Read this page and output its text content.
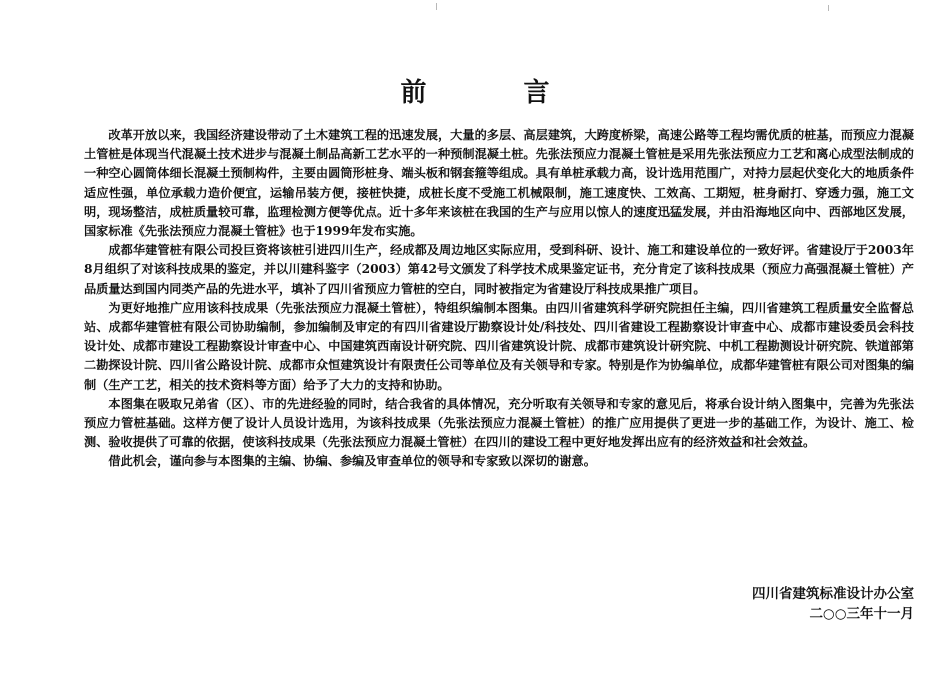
前 言

改革开放以来，我国经济建设带动了土木建筑工程的迅速发展，大量的多层、高层建筑，大跨度桥梁，高速公路等工程均需优质的桩基，而预应力混凝土管桩是体现当代混凝土技术进步与混凝土制品高新工艺水平的一种预制混凝土桩。先张法预应力混凝土管桩是采用先张法预应力工艺和离心成型法制成的一种空心圆筒体细长混凝土预制构件，主要由圆筒形桩身、端头板和钢套箍等组成。具有单桩承载力高，设计选用范围广，对持力层起伏变化大的地质条件适应性强，单位承载力造价便宜，运输吊装方便，接桩快捷，成桩长度不受施工机械限制，施工速度快、工效高、工期短，桩身耐打、穿透力强，施工文明，现场整洁，成桩质量较可靠，监理检测方便等优点。近十多年来该桩在我国的生产与应用以惊人的速度迅猛发展，并由沿海地区向中、西部地区发展，国家标准《先张法预应力混凝土管桩》也于1999年发布实施。

成都华建管桩有限公司投巨资将该桩引进四川生产，经成都及周边地区实际应用，受到科研、设计、施工和建设单位的一致好评。省建设厅于2003年8月组织了对该科技成果的鉴定，并以川建科鉴字（2003）第42号文颁发了科学技术成果鉴定证书，充分肯定了该科技成果（预应力高强混凝土管桩）产品质量达到国内同类产品的先进水平，填补了四川省预应力管桩的空白，同时被指定为省建设厅科技成果推广项目。

为更好地推广应用该科技成果（先张法预应力混凝土管桩），特组织编制本图集。由四川省建筑科学研究院担任主编，四川省建筑工程质量安全监督总站、成都华建管桩有限公司协助编制，参加编制及审定的有四川省建设厅勘察设计处/科技处、四川省建设工程勘察设计审查中心、成都市建设委员会科技设计处、成都市建设工程勘察设计审查中心、中国建筑西南设计研究院、四川省建筑设计院、成都市建筑设计研究院、中机工程勘测设计研究院、铁道部第二勘探设计院、四川省公路设计院、成都市众恒建筑设计有限责任公司等单位及有关领导和专家。特别是作为协编单位，成都华建管桩有限公司对图集的编制（生产工艺，相关的技术资料等方面）给予了大力的支持和协助。

本图集在吸取兄弟省（区）、市的先进经验的同时，结合我省的具体情况，充分听取有关领导和专家的意见后，将承台设计纳入图集中，完善为先张法预应力管桩基础。这样方便了设计人员设计选用，为该科技成果（先张法预应力混凝土管桩）的推广应用提供了更进一步的基础工作，为设计、施工、检测、验收提供了可靠的依据，使该科技成果（先张法预应力混凝土管桩）在四川的建设工程中更好地发挥出应有的经济效益和社会效益。

借此机会，谨向参与本图集的主编、协编、参编及审查单位的领导和专家致以深切的谢意。

四川省建筑标准设计办公室
二○○三年十一月
